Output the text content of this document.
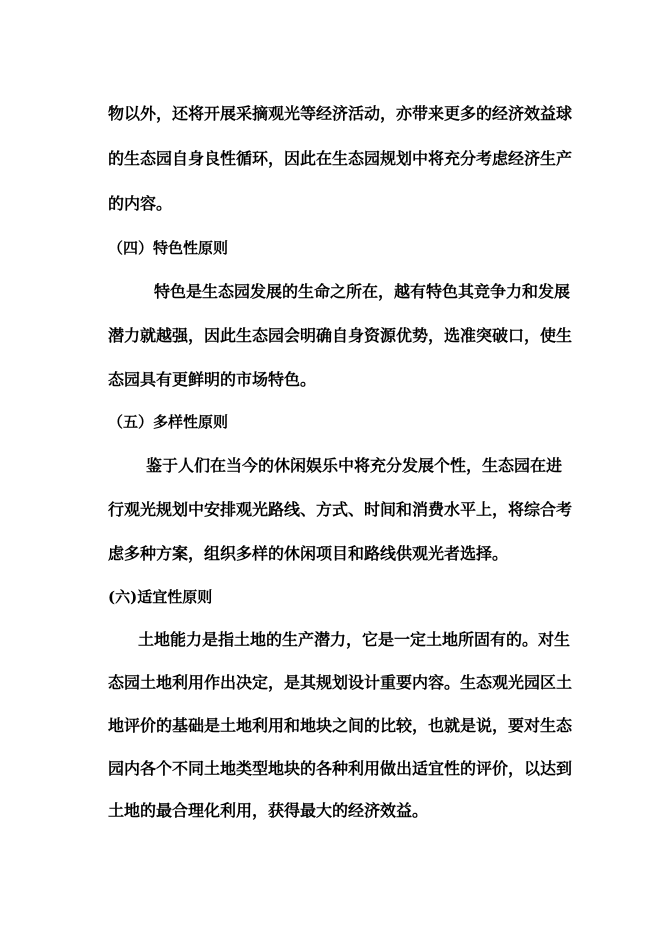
物以外，还将开展采摘观光等经济活动，亦带来更多的经济效益球
的生态园自身良性循环，因此在生态园规划中将充分考虑经济生产
的内容。
（四）特色性原则
特色是生态园发展的生命之所在，越有特色其竞争力和发展
潜力就越强，因此生态园会明确自身资源优势，选准突破口，使生
态园具有更鲜明的市场特色。
（五）多样性原则
鉴于人们在当今的休闲娱乐中将充分发展个性，生态园在进
行观光规划中安排观光路线、方式、时间和消费水平上，将综合考
虑多种方案，组织多样的休闲项目和路线供观光者选择。
(六)适宜性原则
土地能力是指土地的生产潜力，它是一定土地所固有的。对生
态园土地利用作出决定，是其规划设计重要内容。生态观光园区土
地评价的基础是土地利用和地块之间的比较，也就是说，要对生态
园内各个不同土地类型地块的各种利用做出适宜性的评价，以达到
土地的最合理化利用，获得最大的经济效益。
